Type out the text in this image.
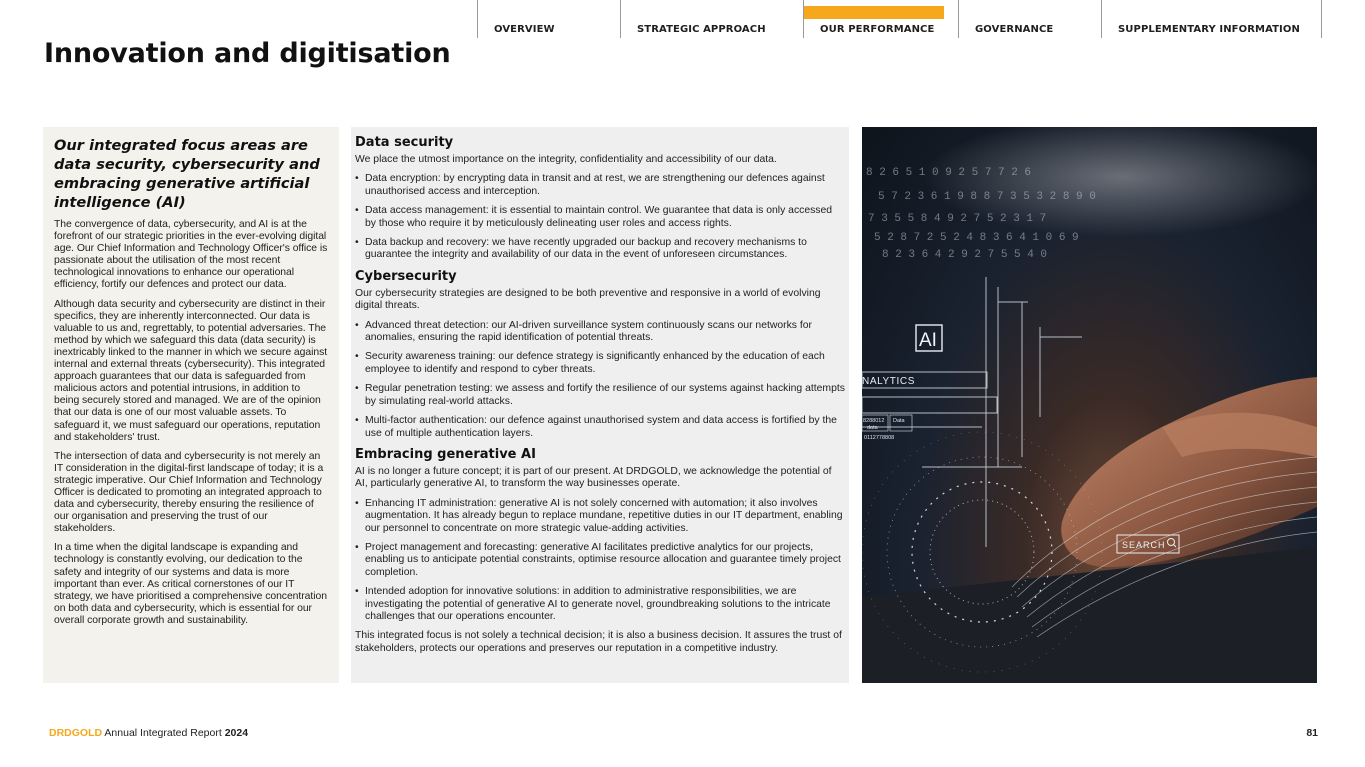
OVERVIEW	STRATEGIC APPROACH	OUR PERFORMANCE	GOVERNANCE	SUPPLEMENTARY INFORMATION
Innovation and digitisation
Our integrated focus areas are data security, cybersecurity and embracing generative artificial intelligence (AI)

The convergence of data, cybersecurity, and AI is at the forefront of our strategic priorities in the ever-evolving digital age. Our Chief Information and Technology Officer's office is passionate about the utilisation of the most recent technological innovations to enhance our operational efficiency, fortify our defences and protect our data.

Although data security and cybersecurity are distinct in their specifics, they are inherently interconnected. Our data is valuable to us and, regrettably, to potential adversaries. The method by which we safeguard this data (data security) is inextricably linked to the manner in which we secure against internal and external threats (cybersecurity). This integrated approach guarantees that our data is safeguarded from malicious actors and potential intrusions, in addition to being securely stored and managed. We are of the opinion that our data is one of our most valuable assets. To safeguard it, we must safeguard our operations, reputation and stakeholders' trust.

The intersection of data and cybersecurity is not merely an IT consideration in the digital-first landscape of today; it is a strategic imperative. Our Chief Information and Technology Officer is dedicated to promoting an integrated approach to data and cybersecurity, thereby ensuring the resilience of our organisation and preserving the trust of our stakeholders.

In a time when the digital landscape is expanding and technology is constantly evolving, our dedication to the safety and integrity of our systems and data is more important than ever. As critical cornerstones of our IT strategy, we have prioritised a comprehensive concentration on both data and cybersecurity, which is essential for our overall corporate growth and sustainability.

Data security

We place the utmost importance on the integrity, confidentiality and accessibility of our data.

• Data encryption: by encrypting data in transit and at rest, we are strengthening our defences against unauthorised access and interception.
• Data access management: it is essential to maintain control. We guarantee that data is only accessed by those who require it by meticulously delineating user roles and access rights.
• Data backup and recovery: we have recently upgraded our backup and recovery mechanisms to guarantee the integrity and availability of our data in the event of unforeseen circumstances.
Cybersecurity

Our cybersecurity strategies are designed to be both preventive and responsive in a world of evolving digital threats.

• Advanced threat detection: our AI-driven surveillance system continuously scans our networks for anomalies, ensuring the rapid identification of potential threats.
• Security awareness training: our defence strategy is significantly enhanced by the education of each employee to identify and respond to cyber threats.
• Regular penetration testing: we assess and fortify the resilience of our systems against hacking attempts by simulating real-world attacks.
• Multi-factor authentication: our defence against unauthorised system and data access is fortified by the use of multiple authentication layers.
Embracing generative AI

AI is no longer a future concept; it is part of our present. At DRDGOLD, we acknowledge the potential of AI, particularly generative AI, to transform the way businesses operate.

• Enhancing IT administration: generative AI is not solely concerned with automation; it also involves augmentation. It has already begun to replace mundane, repetitive duties in our IT department, enabling our personnel to concentrate on more strategic value-adding activities.
• Project management and forecasting: generative AI facilitates predictive analytics for our projects, enabling us to anticipate potential constraints, optimise resource allocation and guarantee timely project completion.
• Intended adoption for innovative solutions: in addition to administrative responsibilities, we are investigating the potential of generative AI to generate novel, groundbreaking solutions to the intricate challenges that our operations encounter.

This integrated focus is not solely a technical decision; it is also a business decision. It assures the trust of stakeholders, protects our operations and preserves our reputation in a competitive industry.

8 2 6 5 1 0 9 2 5 7 7 2 6
5 7 2 3 6 1 9 8 8 7 3 5 3 2 8 9 0
7 3 5 5 8 4 9 2 7 5 2 3 1 7
5 2 8 7 2 5 2 4 8 3 6 4 1 0 6 9
8 2 3 6 4 2 9 2 7 5 5 4 0
AI
NALYTICS
8288012
data
Data
0112778808
SEARCH
DRDGOLD Annual Integrated Report 2024	81
